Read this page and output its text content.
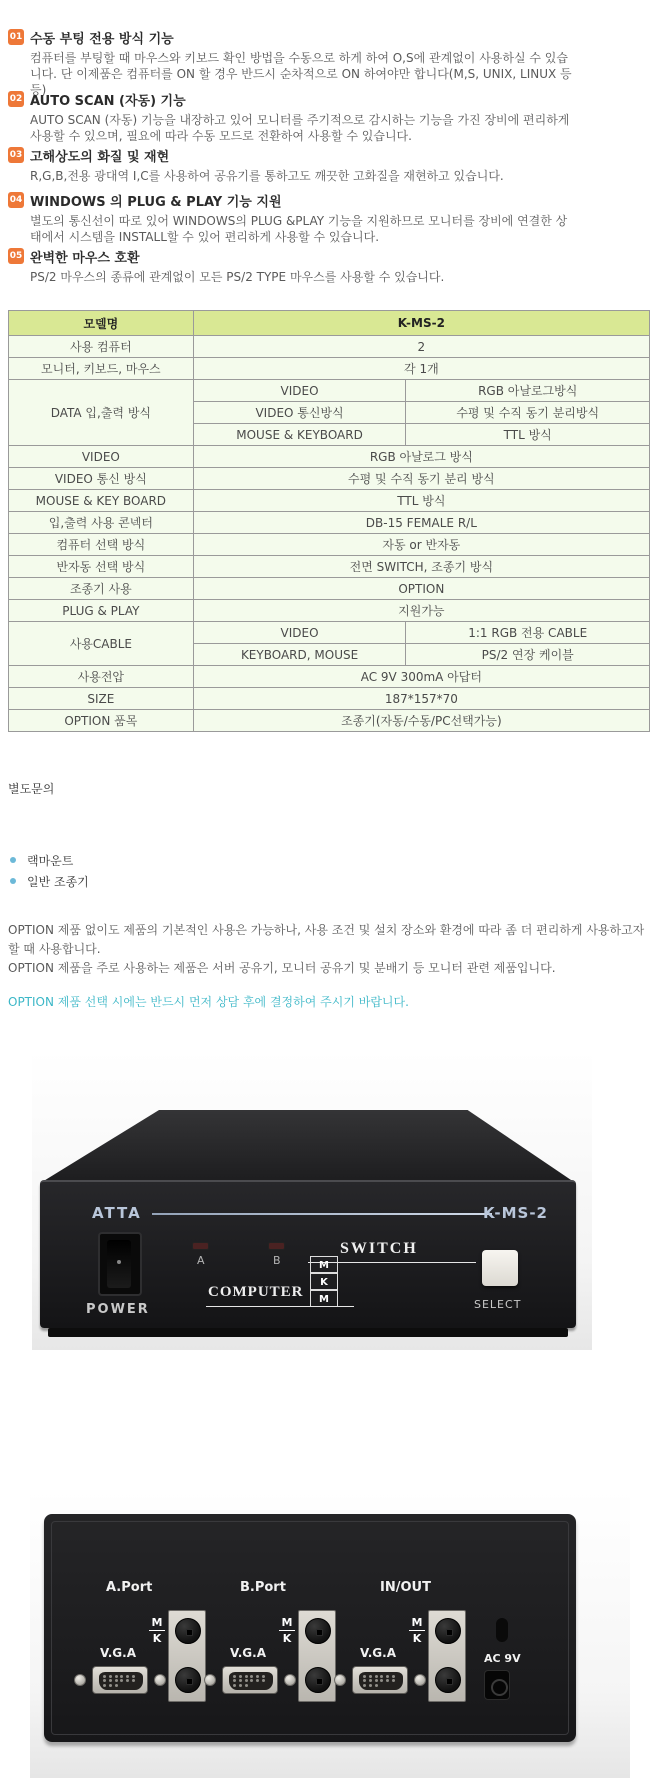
01 수동 부팅 전용 방식 기능
컴퓨터를 부팅할 때 마우스와 키보드 확인 방법을 수동으로 하게 하여 O,S에 관계없이 사용하실 수 있습니다. 단 이제품은 컴퓨터를 ON 할 경우 반드시 순차적으로 ON 하여야만 합니다(M,S, UNIX, LINUX 등등)
02 AUTO SCAN (자동) 기능
AUTO SCAN (자동) 기능을 내장하고 있어 모니터를 주기적으로 감시하는 기능을 가진 장비에 편리하게 사용할 수 있으며, 필요에 따라 수동 모드로 전환하여 사용할 수 있습니다.
03 고해상도의 화질 및 재현
R,G,B,전용 광대역 I,C를 사용하여 공유기를 통하고도 깨끗한 고화질을 재현하고 있습니다.
04 WINDOWS 의 PLUG & PLAY 기능 지원
별도의 통신선이 따로 있어 WINDOWS의 PLUG &PLAY 기능을 지원하므로 모니터를 장비에 연결한 상태에서 시스템을 INSTALL할 수 있어 편리하게 사용할 수 있습니다.
05 완벽한 마우스 호환
PS/2 마우스의 종류에 관계없이 모든 PS/2 TYPE 마우스를 사용할 수 있습니다.
모델명	K-MS-2	
사용 컴퓨터	2	
모니터, 키보드, 마우스	각 1개	
DATA 입,출력 방식	VIDEO	RGB 아날로그방식
	VIDEO 통신방식	수평 및 수직 동기 분리방식
	MOUSE & KEYBOARD	TTL 방식
VIDEO	RGB 아날로그 방식	
VIDEO 통신 방식	수평 및 수직 동기 분리 방식	
MOUSE & KEY BOARD	TTL 방식	
입,출력 사용 콘넥터	DB-15 FEMALE R/L	
컴퓨터 선택 방식	자동 or 반자동	
반자동 선택 방식	전면 SWITCH, 조종기 방식	
조종기 사용	OPTION	
PLUG & PLAY	지원가능	
사용CABLE	VIDEO	1:1 RGB 전용 CABLE
	KEYBOARD, MOUSE	PS/2 연장 케이블
사용전압	AC 9V 300mA 아답터	
SIZE	187*157*70	
OPTION 품목	조종기(자동/수동/PC선택가능)	
별도문의
랙마운트
일반 조종기

OPTION 제품 없이도 제품의 기본적인 사용은 가능하나, 사용 조건 및 설치 장소와 환경에 따라 좀 더 편리하게 사용하고자 할 때 사용합니다.

OPTION 제품을 주로 사용하는 제품은 서버 공유기, 모니터 공유기 및 분배기 등 모니터 관련 제품입니다.

OPTION 제품 선택 시에는 반드시 먼저 상담 후에 결정하여 주시기 바랍니다.
ATTA	K-MS-2
POWER
A	B
SWITCH
M
K
M
COMPUTER
SELECT
A.Port
M
K
V.G.A
B.Port
M
K
V.G.A
IN/OUT
M
K
V.G.A	AC 9V
